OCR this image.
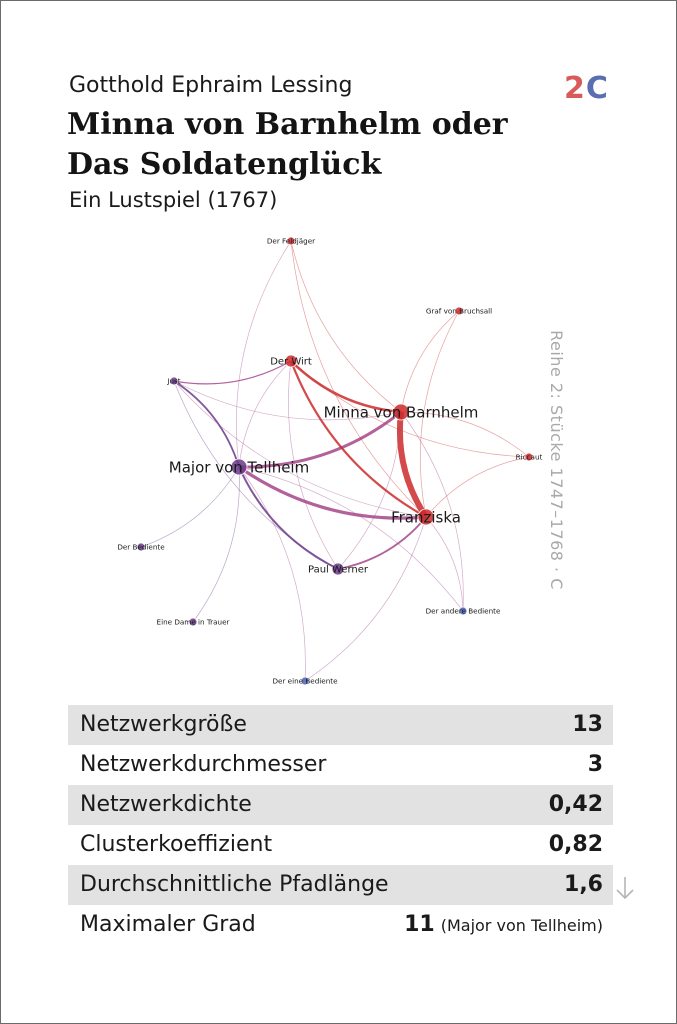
Gotthold Ephraim Lessing
Minna von Barnhelm oder
Das Soldatenglück
Ein Lustspiel (1767)
2C
Reihe 2: Stücke 1747–1768 · C
Der Feldjäger
Graf von Bruchsall
Der Wirt
Just
Minna von Barnhelm
Riccaut
Major von Tellheim
Franziska
Der Bediente
Paul Werner
Der andere Bediente
Eine Dame in Trauer
Der eine Bediente
Netzwerkgröße	13
Netzwerkdurchmesser	3
Netzwerkdichte	0,42
Clusterkoeffizient	0,82
Durchschnittliche Pfadlänge	1,6
Maximaler Grad	11 (Major von Tellheim)
